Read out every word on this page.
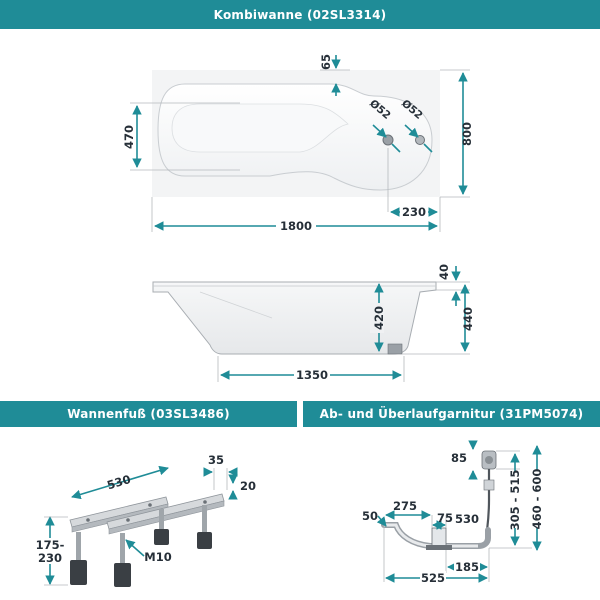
Kombiwanne (02SL3314)
Wannenfuß (03SL3486)	Ab- und Überlaufgarnitur (31PM5074)
470	800
65
1800
230
Ø52 Ø52
40
440
420
1350
530
35
20
175-
230	M10
85
305 - 515 460 - 600
275
50	75 530
185
525
